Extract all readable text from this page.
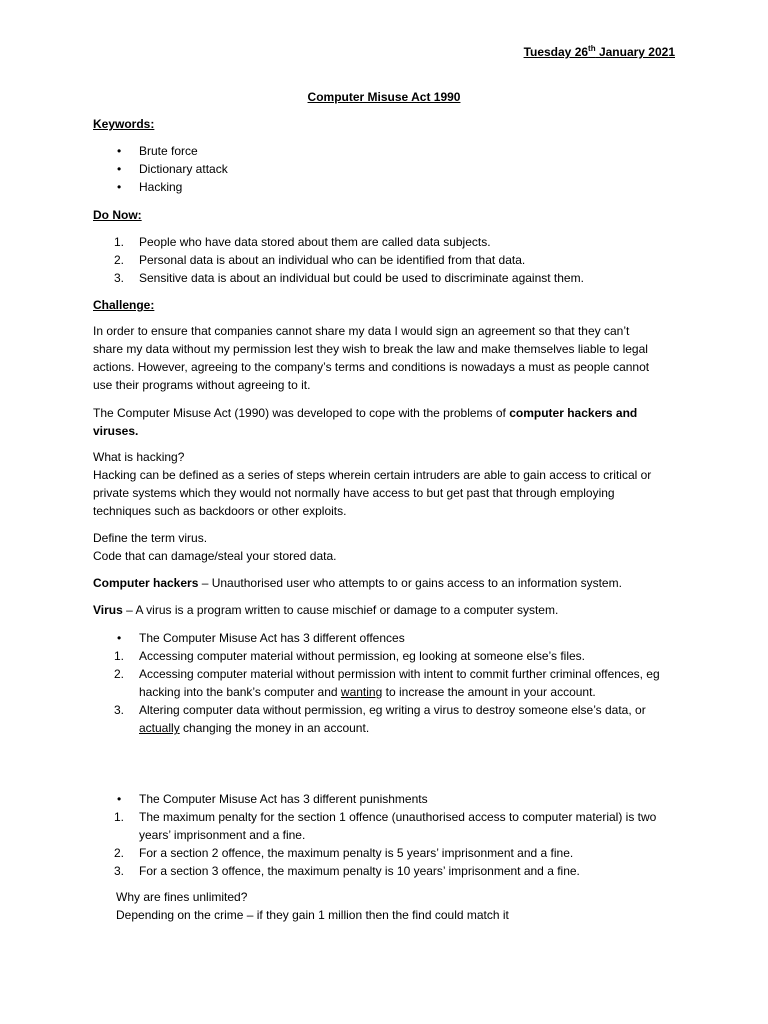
Tuesday 26th January 2021
Computer Misuse Act 1990
Keywords:
• Brute force
• Dictionary attack
• Hacking
Do Now:
1. People who have data stored about them are called data subjects.
2. Personal data is about an individual who can be identified from that data.
3. Sensitive data is about an individual but could be used to discriminate against them.
Challenge:

In order to ensure that companies cannot share my data I would sign an agreement so that they can’t share my data without my permission lest they wish to break the law and make themselves liable to legal actions. However, agreeing to the company’s terms and conditions is nowadays a must as people cannot use their programs without agreeing to it.

The Computer Misuse Act (1990) was developed to cope with the problems of computer hackers and viruses.

What is hacking?
Hacking can be defined as a series of steps wherein certain intruders are able to gain access to critical or private systems which they would not normally have access to but get past that through employing techniques such as backdoors or other exploits.

Define the term virus.
Code that can damage/steal your stored data.

Computer hackers – Unauthorised user who attempts to or gains access to an information system.

Virus – A virus is a program written to cause mischief or damage to a computer system.

• The Computer Misuse Act has 3 different offences
1. Accessing computer material without permission, eg looking at someone else’s files.
2. Accessing computer material without permission with intent to commit further criminal offences, eg hacking into the bank’s computer and wanting to increase the amount in your account.
3. Altering computer data without permission, eg writing a virus to destroy someone else’s data, or actually changing the money in an account.
• The Computer Misuse Act has 3 different punishments
1. The maximum penalty for the section 1 offence (unauthorised access to computer material) is two years’ imprisonment and a fine.
2. For a section 2 offence, the maximum penalty is 5 years’ imprisonment and a fine.
3. For a section 3 offence, the maximum penalty is 10 years’ imprisonment and a fine.

Why are fines unlimited?
Depending on the crime – if they gain 1 million then the find could match it
